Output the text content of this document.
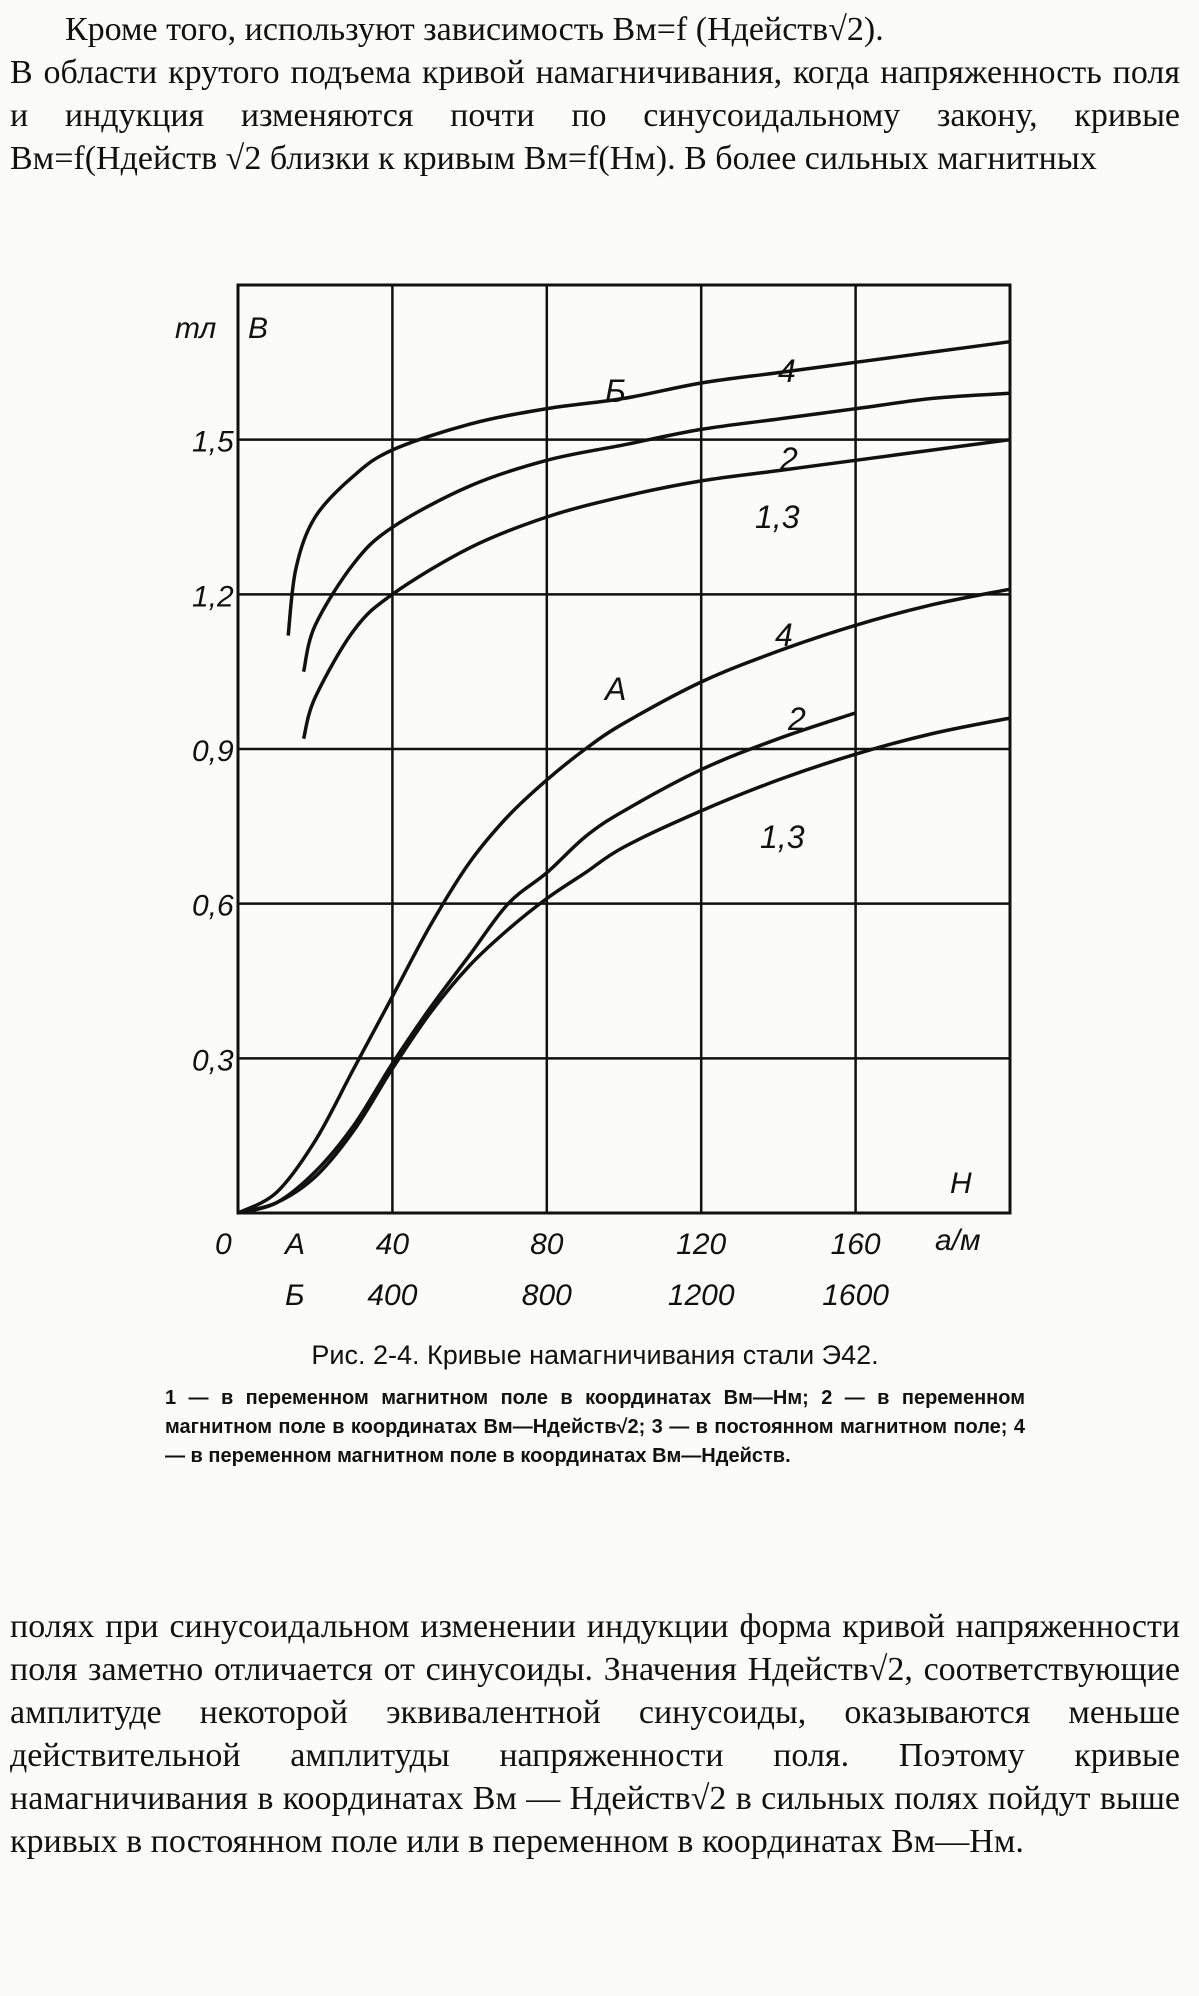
Кроме того, используют зависимость Bм=f (Hдейств√2).

В области крутого подъема кривой намагничивания, когда напряженность поля и индукция изменяются почти по синусоидальному закону, кривые Bм=f(Hдейств √2 близки к кривым Bм=f(Hм). В более сильных магнитных

тл B
H
а/м
0 А
Б
А
Б
4
2
1,3
4
2
1,3
0,3
0,6
0,9
1,2
1,5
40
400
80
800
120
1200
160
1600
Рис. 2-4. Кривые намагничивания стали Э42.
1 — в переменном магнитном поле в координатах Bм—Hм; 2 — в переменном магнитном поле в координатах Bм—Hдейств√2; 3 — в постоянном магнитном поле; 4 — в переменном магнитном поле в координатах Bм—Hдейств.

полях при синусоидальном изменении индукции форма кривой напряженности поля заметно отличается от синусоиды. Значения Hдейств√2, соответствующие амплитуде некоторой эквивалентной синусоиды, оказываются меньше действительной амплитуды напряженности поля. Поэтому кривые намагничивания в координатах Bм — Hдейств√2 в сильных полях пойдут выше кривых в постоянном поле или в переменном в координатах Bм—Hм.
